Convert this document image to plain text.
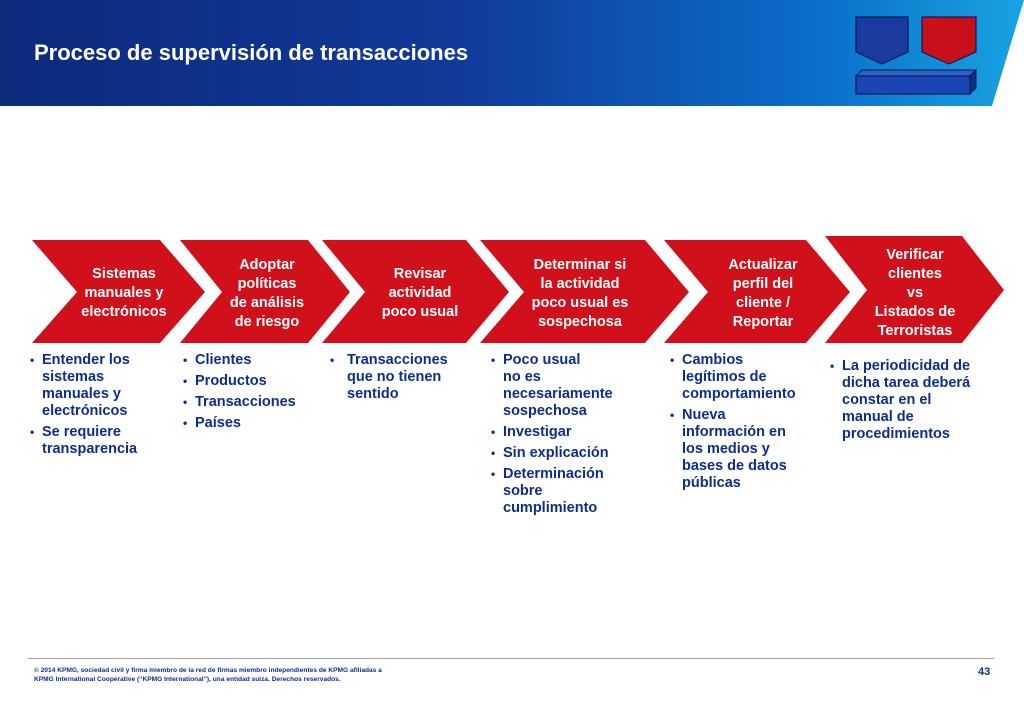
Proceso de supervisión de transacciones
Sistemas
manuales y
electrónicos
Adoptar
políticas
de análisis
de riesgo
Revisar
actividad
poco usual
Determinar si
la actividad
poco usual es
sospechosa
Actualizar
perfil del
cliente /
Reportar
Verificar
clientes
vs
Listados de
Terroristas
• Entender los
sistemas
manuales y
electrónicos
• Se requiere
transparencia
• Clientes
• Productos
• Transacciones
• Países
• Transacciones
que no tienen
sentido
• Poco usual
no es
necesariamente
sospechosa
• Investigar
• Sin explicación
• Determinación
sobre
cumplimiento
• Cambios
legítimos de
comportamiento
• Nueva
información en
los medios y
bases de datos
públicas
• La periodicidad de
dicha tarea deberá
constar en el
manual de
procedimientos
© 2014 KPMG, sociedad civil y firma miembro de la red de firmas miembro independientes de KPMG afiliadas a
KPMG International Cooperative (“KPMG International”), una entidad suiza. Derechos reservados.
43
